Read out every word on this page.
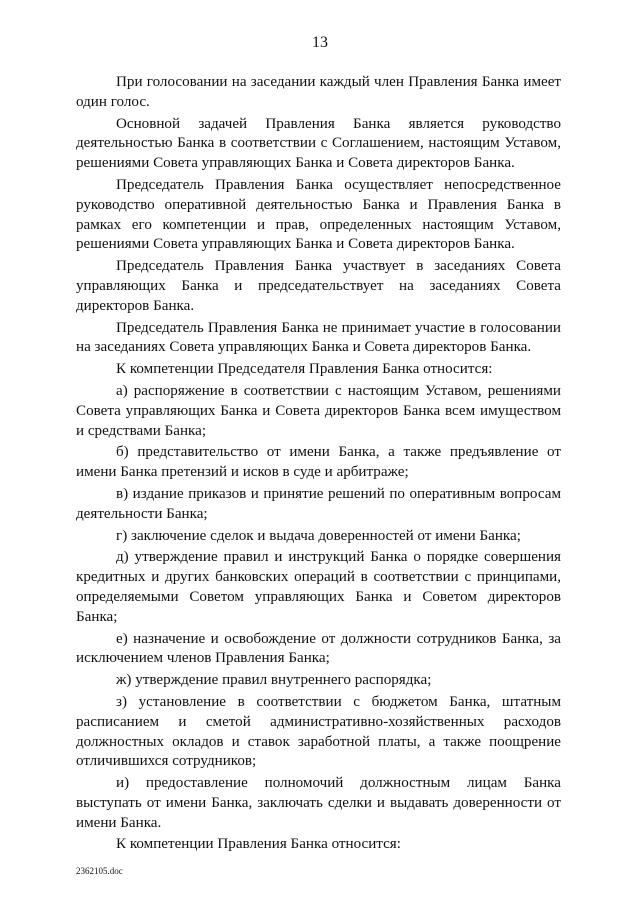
13

При голосовании на заседании каждый член Правления Банка имеет один голос.

Основной задачей Правления Банка является руководство деятельностью Банка в соответствии с Соглашением, настоящим Уставом, решениями Совета управляющих Банка и Совета директоров Банка.

Председатель Правления Банка осуществляет непосредственное руководство оперативной деятельностью Банка и Правления Банка в рамках его компетенции и прав, определенных настоящим Уставом, решениями Совета управляющих Банка и Совета директоров Банка.

Председатель Правления Банка участвует в заседаниях Совета управляющих Банка и председательствует на заседаниях Совета директоров Банка.

Председатель Правления Банка не принимает участие в голосовании на заседаниях Совета управляющих Банка и Совета директоров Банка.

К компетенции Председателя Правления Банка относится:

а) распоряжение в соответствии с настоящим Уставом, решениями Совета управляющих Банка и Совета директоров Банка всем имуществом и средствами Банка;

б) представительство от имени Банка, а также предъявление от имени Банка претензий и исков в суде и арбитраже;

в) издание приказов и принятие решений по оперативным вопросам деятельности Банка;

г) заключение сделок и выдача доверенностей от имени Банка;

д) утверждение правил и инструкций Банка о порядке совершения кредитных и других банковских операций в соответствии с принципами, определяемыми Советом управляющих Банка и Советом директоров Банка;

е) назначение и освобождение от должности сотрудников Банка, за исключением членов Правления Банка;

ж) утверждение правил внутреннего распорядка;

з) установление в соответствии с бюджетом Банка, штатным расписанием и сметой административно-хозяйственных расходов должностных окладов и ставок заработной платы, а также поощрение отличившихся сотрудников;

и) предоставление полномочий должностным лицам Банка выступать от имени Банка, заключать сделки и выдавать доверенности от имени Банка.

К компетенции Правления Банка относится:

2362105.doc
